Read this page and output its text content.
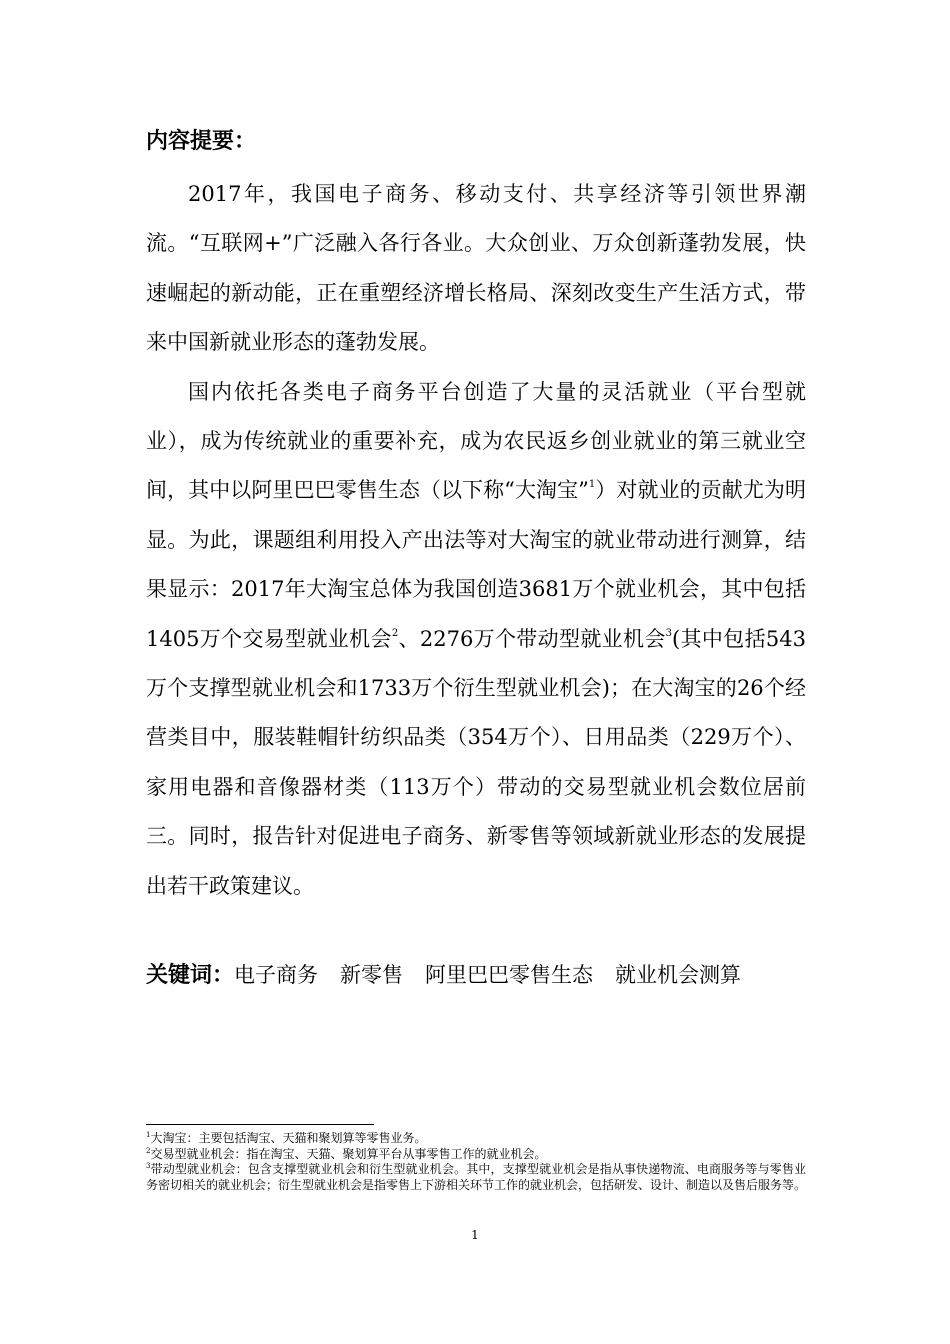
内容提要：

2017年，我国电子商务、移动支付、共享经济等引领世界潮流。“互联网+”广泛融入各行各业。大众创业、万众创新蓬勃发展，快速崛起的新动能，正在重塑经济增长格局、深刻改变生产生活方式，带来中国新就业形态的蓬勃发展。

国内依托各类电子商务平台创造了大量的灵活就业（平台型就业），成为传统就业的重要补充，成为农民返乡创业就业的第三就业空间，其中以阿里巴巴零售生态（以下称“大淘宝”$^1$）对就业的贡献尤为明显。为此，课题组利用投入产出法等对大淘宝的就业带动进行测算，结果显示：2017年大淘宝总体为我国创造3681万个就业机会，其中包括1405万个交易型就业机会$^2$、2276万个带动型就业机会$^3$(其中包括543万个支撑型就业机会和1733万个衍生型就业机会)；在大淘宝的26个经营类目中，服装鞋帽针纺织品类（354万个）、日用品类（229万个）、家用电器和音像器材类（113万个）带动的交易型就业机会数位居前三。同时，报告针对促进电子商务、新零售等领域新就业形态的发展提出若干政策建议。

关键词：电子商务 新零售 阿里巴巴零售生态 就业机会测算

$^1$大淘宝：主要包括淘宝、天猫和聚划算等零售业务。

$^2$交易型就业机会：指在淘宝、天猫、聚划算平台从事零售工作的就业机会。

$^3$带动型就业机会：包含支撑型就业机会和衍生型就业机会。其中，支撑型就业机会是指从事快递物流、电商服务等与零售业务密切相关的就业机会；衍生型就业机会是指零售上下游相关环节工作的就业机会，包括研发、设计、制造以及售后服务等。

1
